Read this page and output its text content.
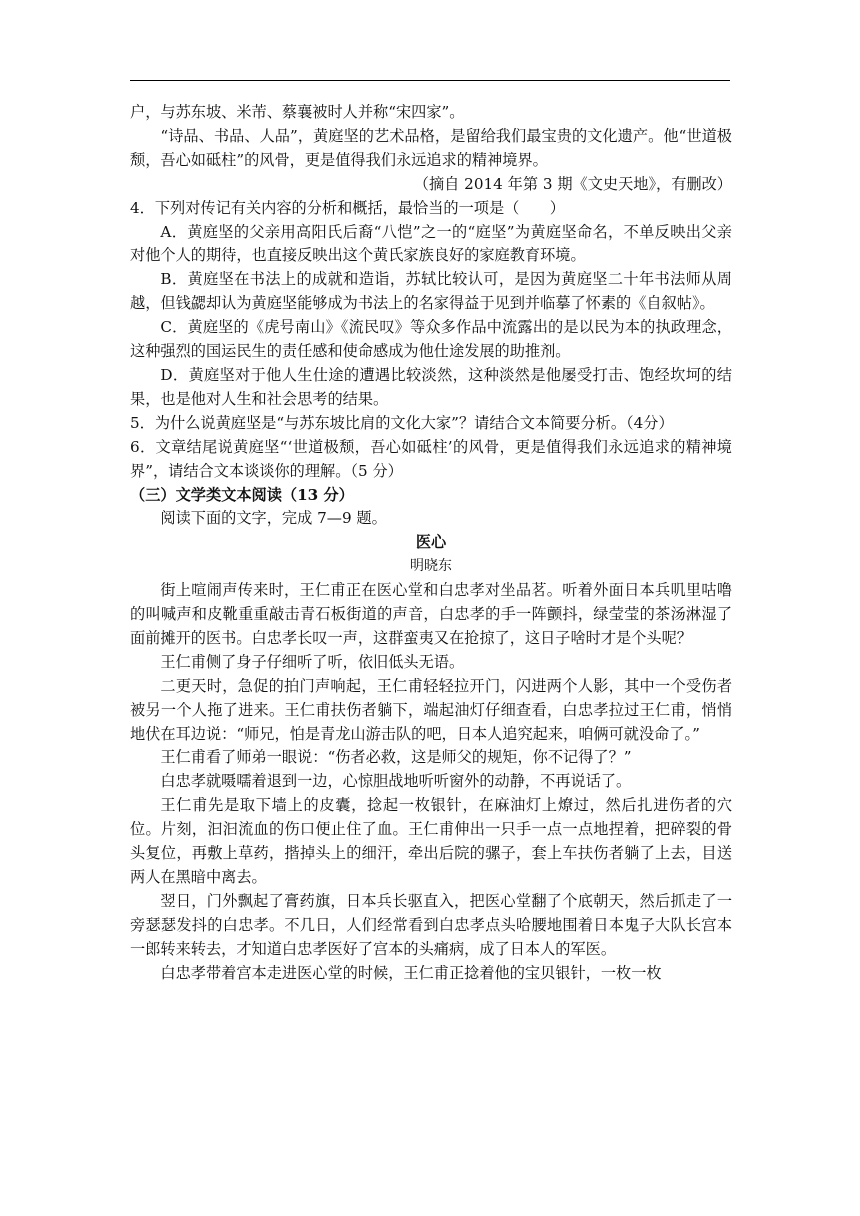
户，与苏东坡、米芾、蔡襄被时人并称“宋四家”。

“诗品、书品、人品”，黄庭坚的艺术品格，是留给我们最宝贵的文化遗产。他“世道极颓，吾心如砥柱”的风骨，更是值得我们永远追求的精神境界。

（摘自 2014 年第 3 期《文史天地》，有删改）

4．下列对传记有关内容的分析和概括，最恰当的一项是（　　）

A．黄庭坚的父亲用高阳氏后裔“八恺”之一的“庭坚”为黄庭坚命名，不单反映出父亲对他个人的期待，也直接反映出这个黄氏家族良好的家庭教育环境。

B．黄庭坚在书法上的成就和造诣，苏轼比较认可，是因为黄庭坚二十年书法师从周越，但钱勰却认为黄庭坚能够成为书法上的名家得益于见到并临摹了怀素的《自叙帖》。

C．黄庭坚的《虎号南山》《流民叹》等众多作品中流露出的是以民为本的执政理念，这种强烈的国运民生的责任感和使命感成为他仕途发展的助推剂。

D．黄庭坚对于他人生仕途的遭遇比较淡然，这种淡然是他屡受打击、饱经坎坷的结果，也是他对人生和社会思考的结果。

5．为什么说黄庭坚是“与苏东坡比肩的文化大家”？请结合文本简要分析。（4分）

6．文章结尾说黄庭坚“‘世道极颓，吾心如砥柱’的风骨，更是值得我们永远追求的精神境界”，请结合文本谈谈你的理解。（5 分）

（三）文学类文本阅读（13 分）

阅读下面的文字，完成 7—9 题。

医心

明晓东

街上喧闹声传来时，王仁甫正在医心堂和白忠孝对坐品茗。听着外面日本兵叽里咕噜的叫喊声和皮靴重重敲击青石板街道的声音，白忠孝的手一阵颤抖，绿莹莹的茶汤淋湿了面前摊开的医书。白忠孝长叹一声，这群蛮夷又在抢掠了，这日子啥时才是个头呢？

王仁甫侧了身子仔细听了听，依旧低头无语。

二更天时，急促的拍门声响起，王仁甫轻轻拉开门，闪进两个人影，其中一个受伤者被另一个人拖了进来。王仁甫扶伤者躺下，端起油灯仔细查看，白忠孝拉过王仁甫，悄悄地伏在耳边说：“师兄，怕是青龙山游击队的吧，日本人追究起来，咱俩可就没命了。”

王仁甫看了师弟一眼说：“伤者必救，这是师父的规矩，你不记得了？”

白忠孝就嗫嚅着退到一边，心惊胆战地听听窗外的动静，不再说话了。

王仁甫先是取下墙上的皮囊，捻起一枚银针，在麻油灯上燎过，然后扎进伤者的穴位。片刻，汩汩流血的伤口便止住了血。王仁甫伸出一只手一点一点地捏着，把碎裂的骨头复位，再敷上草药，揩掉头上的细汗，牵出后院的骡子，套上车扶伤者躺了上去，目送两人在黑暗中离去。

翌日，门外飘起了膏药旗，日本兵长驱直入，把医心堂翻了个底朝天，然后抓走了一旁瑟瑟发抖的白忠孝。不几日，人们经常看到白忠孝点头哈腰地围着日本鬼子大队长宫本一郎转来转去，才知道白忠孝医好了宫本的头痛病，成了日本人的军医。

白忠孝带着宫本走进医心堂的时候，王仁甫正捻着他的宝贝银针，一枚一枚
